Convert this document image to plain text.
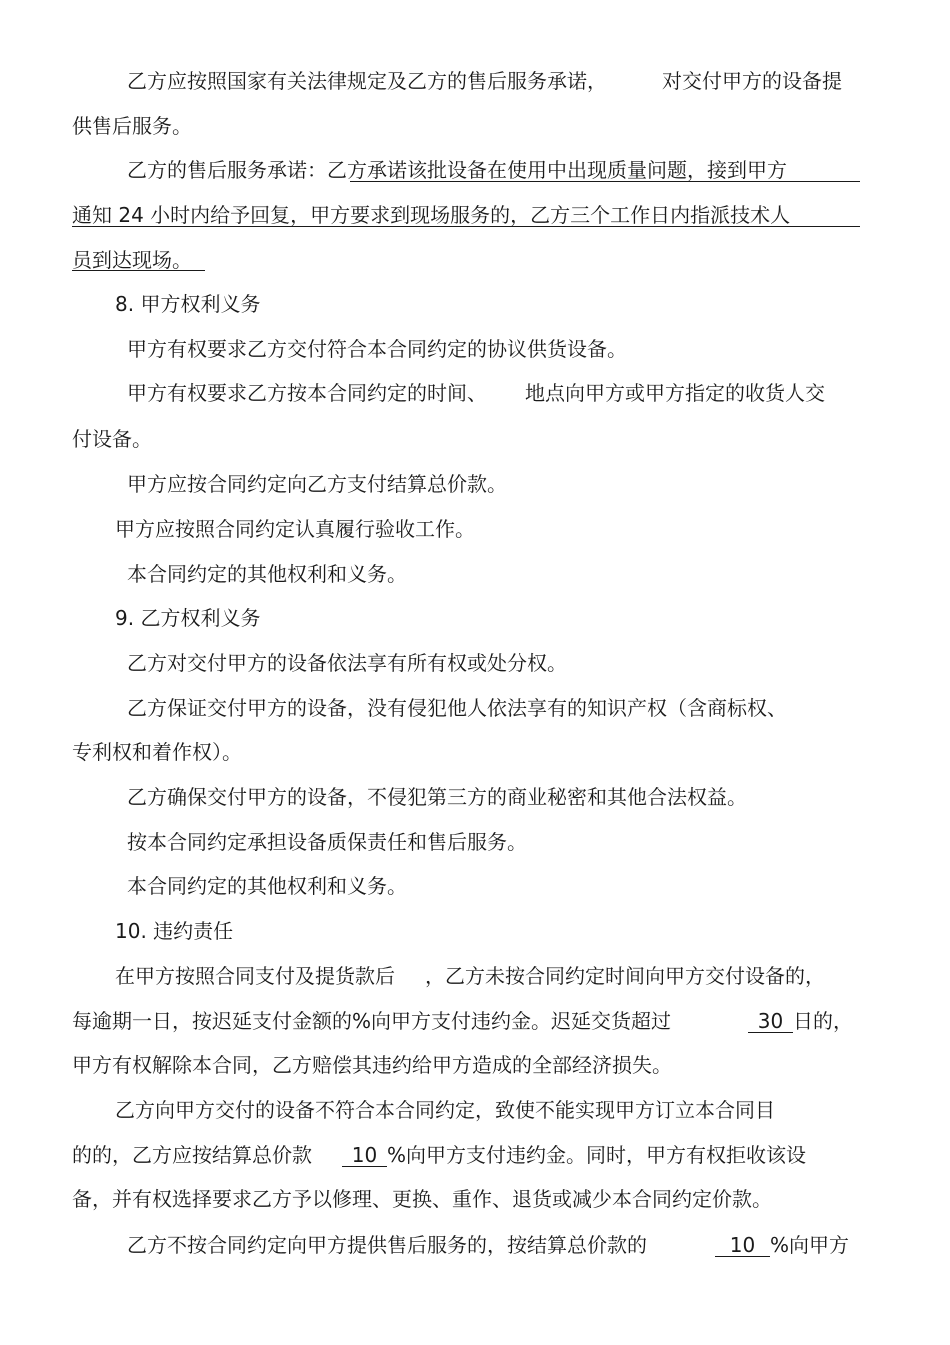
乙方应按照国家有关法律规定及乙方的售后服务承诺，	对交付甲方的设备提
供售后服务。
乙方的售后服务承诺：乙方承诺该批设备在使用中出现质量问题，接到甲方
通知 24 小时内给予回复，甲方要求到现场服务的，乙方三个工作日内指派技术人
员到达现场。
8. 甲方权利义务
甲方有权要求乙方交付符合本合同约定的协议供货设备。
甲方有权要求乙方按本合同约定的时间、 地点向甲方或甲方指定的收货人交
付设备。
甲方应按合同约定向乙方支付结算总价款。
甲方应按照合同约定认真履行验收工作。
本合同约定的其他权利和义务。
9. 乙方权利义务
乙方对交付甲方的设备依法享有所有权或处分权。
乙方保证交付甲方的设备，没有侵犯他人依法享有的知识产权（含商标权、
专利权和着作权）。
乙方确保交付甲方的设备，不侵犯第三方的商业秘密和其他合法权益。
按本合同约定承担设备质保责任和售后服务。
本合同约定的其他权利和义务。
10. 违约责任
在甲方按照合同支付及提货款后 ，乙方未按合同约定时间向甲方交付设备的，
每逾期一日，按迟延支付金额的%向甲方支付违约金。迟延交货超过	30 日的，
甲方有权解除本合同，乙方赔偿其违约给甲方造成的全部经济损失。
乙方向甲方交付的设备不符合本合同约定，致使不能实现甲方订立本合同目
的的，乙方应按结算总价款	10 %向甲方支付违约金。同时，甲方有权拒收该设
备，并有权选择要求乙方予以修理、更换、重作、退货或减少本合同约定价款。
乙方不按合同约定向甲方提供售后服务的，按结算总价款的	10 %向甲方
